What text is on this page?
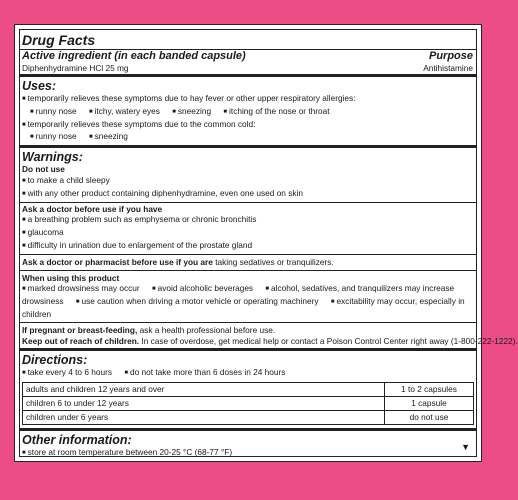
Drug Facts
Active ingredient (in each banded capsule)	Purpose
Diphenhydramine HCl 25 mg	Antihistamine
Uses:
■ temporarily relieves these symptoms due to hay fever or other upper respiratory allergies:
■ runny nose ■ itchy, watery eyes ■ sneezing ■ itching of the nose or throat
■ temporarily relieves these symptoms due to the common cold:
■ runny nose ■ sneezing
Warnings:
Do not use
■ to make a child sleepy
■ with any other product containing diphenhydramine, even one used on skin
Ask a doctor before use if you have
■ a breathing problem such as emphysema or chronic bronchitis
■ glaucoma
■ difficulty in urination due to enlargement of the prostate gland
Ask a doctor or pharmacist before use if you are taking sedatives or tranquilizers.
When using this product
■ marked drowsiness may occur ■ avoid alcoholic beverages ■ alcohol, sedatives, and tranquilizers may increase drowsiness ■ use caution when driving a motor vehicle or operating machinery ■ excitability may occur, especially in children
If pregnant or breast-feeding, ask a health professional before use.
Keep out of reach of children. In case of overdose, get medical help or contact a Poison Control Center right away (1-800-222-1222).
Directions:
■ take every 4 to 6 hours ■ do not take more than 6 doses in 24 hours
adults and children 12 years and over	1 to 2 capsules
children 6 to under 12 years	1 capsule
children under 6 years	do not use
Other information:
■ store at room temperature between 20-25 °C (68-77 °F)
▼
